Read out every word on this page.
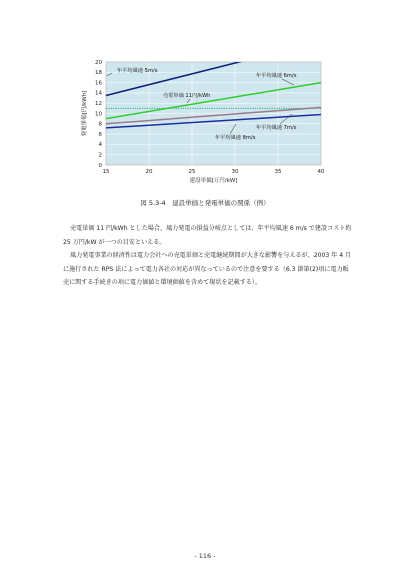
0
2
4
6
8
10
12
14
16
18
20
15	20	25	30	35	40
年平均風速 5m/s
年平均風速 6m/s
売電単価 11円/kWh
年平均風速 7m/s
年平均風速 8m/s
建設単価[万円/kW]
発電単価[円/kWh]
図 5.3-4　建設単価と発電単価の関係（例）

売電単価 11 円/kWh とした場合、風力発電の損益分岐点としては、年平均風速 6 m/s で建設コスト約 25 万円/kW が一つの目安といえる。

風力発電事業の経済性は電力会社への売電単価と売電継続期間が大きな影響を与えるが、2003 年 4 月に施行された RPS 法によって電力各社の対応が異なっているので注意を要する（6.3 節第(2)項に電力販売に関する手続きの項に電力価値と環境価値を含めて現状を記載する）。

- 116 -
